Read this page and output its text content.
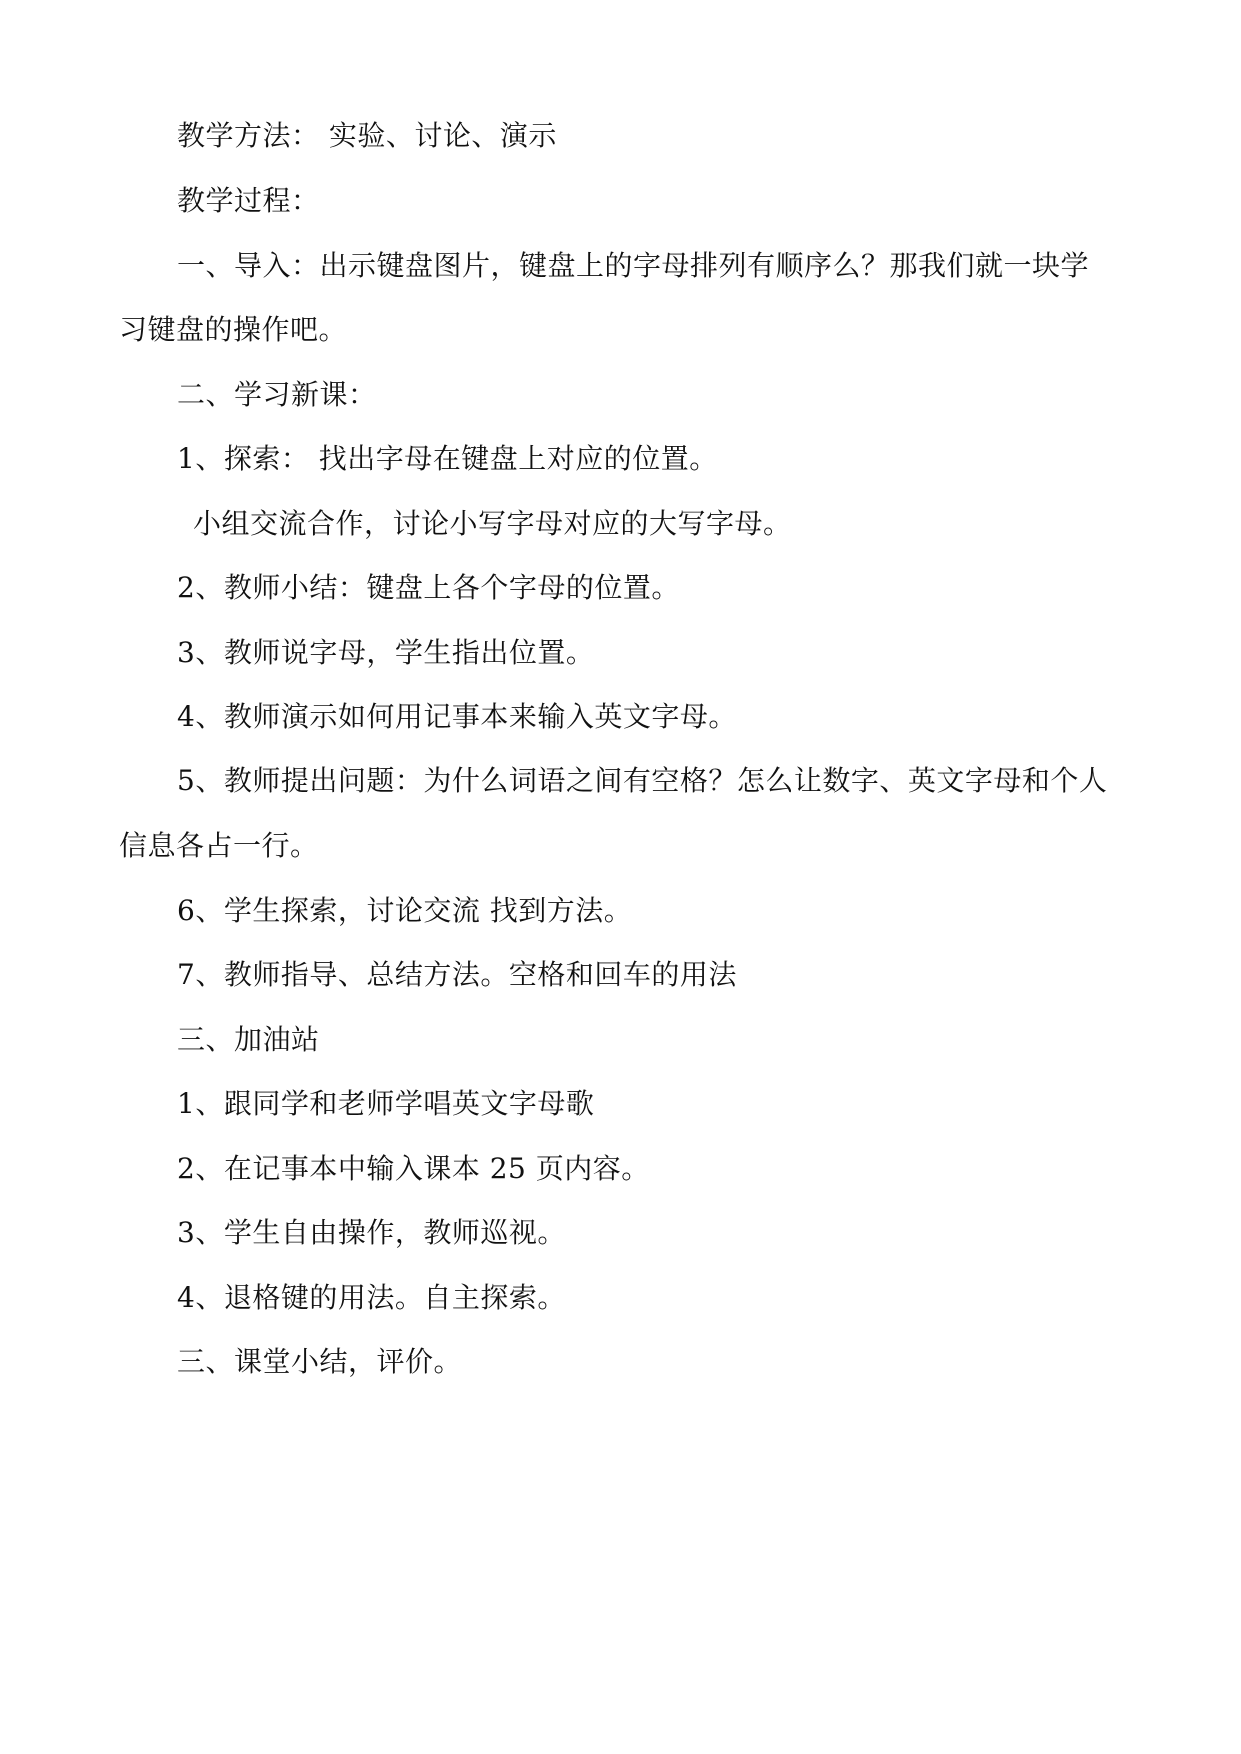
教学方法： 实验、讨论、演示

教学过程：

一、导入：出示键盘图片，键盘上的字母排列有顺序么？那我们就一块学

习键盘的操作吧。

二、学习新课：

1、探索： 找出字母在键盘上对应的位置。

小组交流合作，讨论小写字母对应的大写字母。

2、教师小结：键盘上各个字母的位置。

3、教师说字母，学生指出位置。

4、教师演示如何用记事本来输入英文字母。

5、教师提出问题：为什么词语之间有空格？怎么让数字、英文字母和个人

信息各占一行。

6、学生探索，讨论交流 找到方法。

7、教师指导、总结方法。空格和回车的用法

三、加油站

1、跟同学和老师学唱英文字母歌

2、在记事本中输入课本 25 页内容。

3、学生自由操作，教师巡视。

4、退格键的用法。自主探索。

三、课堂小结，评价。
